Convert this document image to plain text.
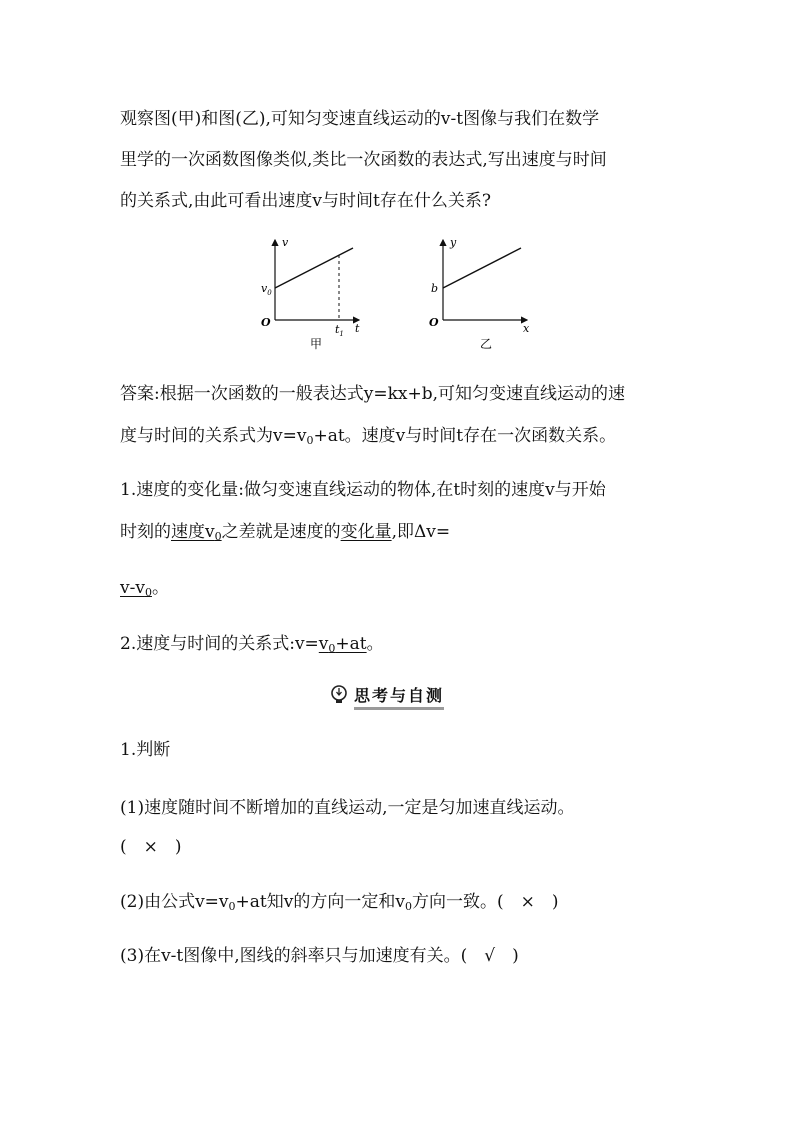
观察图(甲)和图(乙),可知匀变速直线运动的v-t图像与我们在数学
里学的一次函数图像类似,类比一次函数的表达式,写出速度与时间
的关系式,由此可看出速度v与时间t存在什么关系?
v
t
O
$v_0$
$t_1$
甲
y
x
O
b
乙
答案:根据一次函数的一般表达式y=kx+b,可知匀变速直线运动的速
度与时间的关系式为$v=v_0+at$。速度v与时间t存在一次函数关系。
1.速度的变化量:做匀变速直线运动的物体,在t时刻的速度v与开始
时刻的速度$v_0$之差就是速度的变化量,即Δv=
$v-v_0$。
2.速度与时间的关系式$:v=v_0+at$。
思考与自测
1.判断
(1)速度随时间不断增加的直线运动,一定是匀加速直线运动。
(　×　)
(2)由公式$v=v_0+at$知v的方向一定和$v_0$方向一致。(　×　)
(3)在v-t图像中,图线的斜率只与加速度有关。(　√　)
